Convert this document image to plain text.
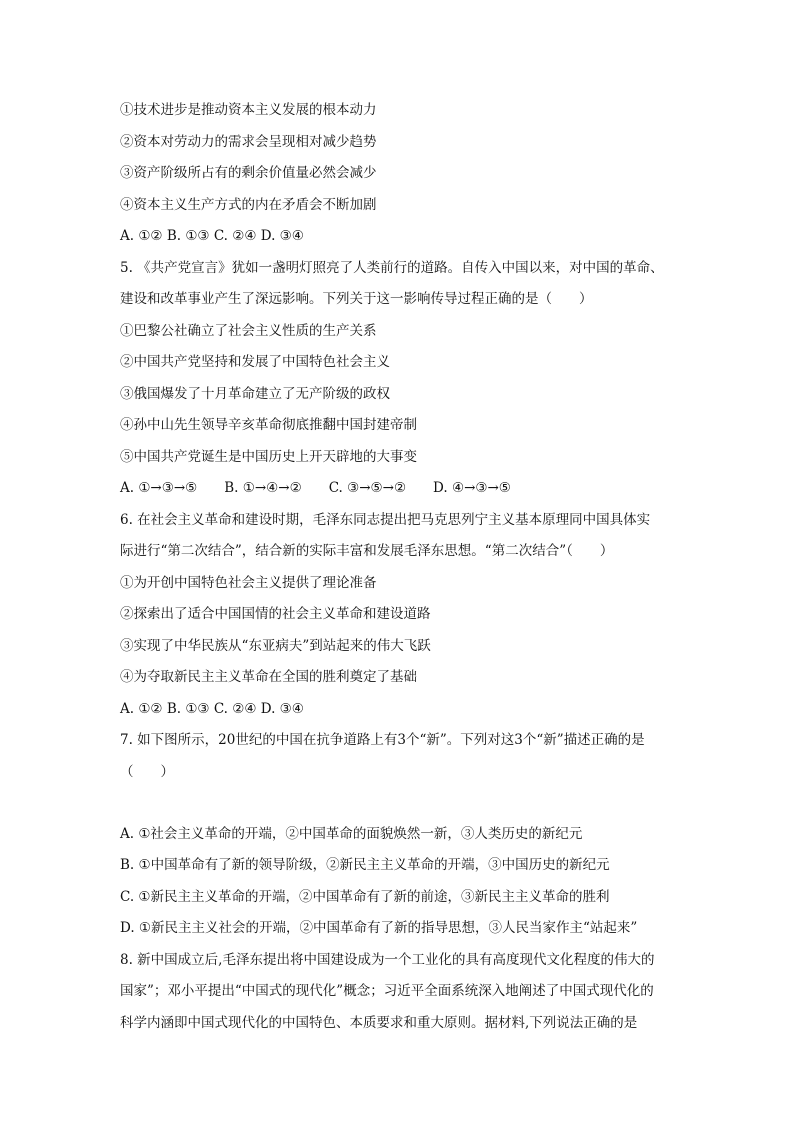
①技术进步是推动资本主义发展的根本动力

②资本对劳动力的需求会呈现相对减少趋势

③资产阶级所占有的剩余价值量必然会减少

④资本主义生产方式的内在矛盾会不断加剧

A. ①② B. ①③ C. ②④ D. ③④

5. 《共产党宣言》犹如一盏明灯照亮了人类前行的道路。自传入中国以来，对中国的革命、

建设和改革事业产生了深远影响。下列关于这一影响传导过程正确的是（　　）

①巴黎公社确立了社会主义性质的生产关系

②中国共产党坚持和发展了中国特色社会主义

③俄国爆发了十月革命建立了无产阶级的政权

④孙中山先生领导辛亥革命彻底推翻中国封建帝制

⑤中国共产党诞生是中国历史上开天辟地的大事变

A. ①→③→⑤　　B. ①→④→②　　C. ③→⑤→②　　D. ④→③→⑤

6. 在社会主义革命和建设时期，毛泽东同志提出把马克思列宁主义基本原理同中国具体实

际进行“第二次结合”，结合新的实际丰富和发展毛泽东思想。“第二次结合”（　　）

①为开创中国特色社会主义提供了理论准备

②探索出了适合中国国情的社会主义革命和建设道路

③实现了中华民族从“东亚病夫”到站起来的伟大飞跃

④为夺取新民主主义革命在全国的胜利奠定了基础

A. ①② B. ①③ C. ②④ D. ③④

7. 如下图所示，20世纪的中国在抗争道路上有3个“新”。下列对这3个“新”描述正确的是

（　　）

A. ①社会主义革命的开端，②中国革命的面貌焕然一新，③人类历史的新纪元

B. ①中国革命有了新的领导阶级，②新民主主义革命的开端，③中国历史的新纪元

C. ①新民主主义革命的开端，②中国革命有了新的前途，③新民主主义革命的胜利

D. ①新民主主义社会的开端，②中国革命有了新的指导思想，③人民当家作主“站起来”

8. 新中国成立后,毛泽东提出将中国建设成为一个工业化的具有高度现代文化程度的伟大的

国家”；邓小平提出“中国式的现代化”概念；习近平全面系统深入地阐述了中国式现代化的

科学内涵即中国式现代化的中国特色、本质要求和重大原则。据材料,下列说法正确的是
